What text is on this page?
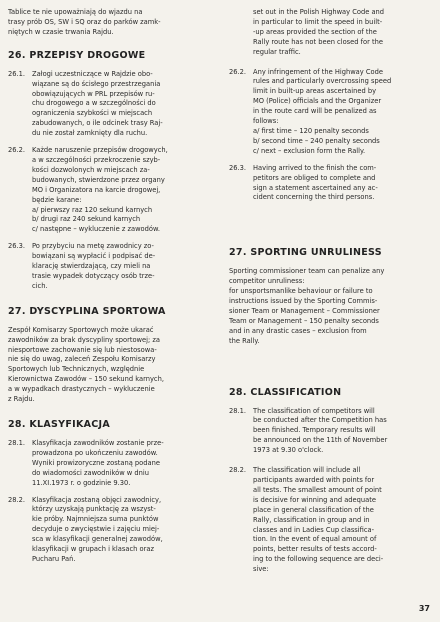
Tablice te nie upoważniają do wjazdu na
trasy prób OS, SW i SQ oraz do parków zamk-
niętych w czasie trwania Rajdu.

26. PRZEPISY DROGOWE
26.1.	Załogi uczestniczące w Rajdzie obo-
wiązane są do ścisłego przestrzegania
obowiązujących w PRL przepisów ru-
chu drogowego a w szczególności do
ograniczenia szybkości w miejscach
zabudowanych, o ile odcinek trasy Raj-
du nie został zamknięty dla ruchu.
26.2.	Każde naruszenie przepisów drogowych,
a w szczególności przekroczenie szyb-
kości dozwolonych w miejscach za-
budowanych, stwierdzone przez organy
MO i Organizatora na karcie drogowej,
będzie karane:
a/ pierwszy raz 120 sekund karnych
b/ drugi raz 240 sekund karnych
c/ następne – wykluczenie z zawodów.
26.3.	Po przybyciu na metę zawodnicy zo-
bowiązani są wypłacić i podpisać de-
klarację stwierdzającą, czy mieli na
trasie wypadek dotyczący osób trze-
cich.
27. DYSCYPLINA SPORTOWA

Zespół Komisarzy Sportowych może ukarać
zawodników za brak dyscypliny sportowej; za
niesportowe zachowanie się lub niestosowa-
nie się do uwag, zaleceń Zespołu Komisarzy
Sportowych lub Technicznych, względnie
Kierownictwa Zawodów – 150 sekund karnych,
a w wypadkach drastycznych – wykluczenie
z Rajdu.

28. KLASYFIKACJA
28.1.	Klasyfikacja zawodników zostanie prze-
prowadzona po ukończeniu zawodów.
Wyniki prowizoryczne zostaną podane
do wiadomości zawodników w dniu
11.XI.1973 r. o godzinie 9.30.
28.2.	Klasyfikacja zostaną objęci zawodnicy,
którzy uzyskają punktację za wszyst-
kie próby. Najmniejsza suma punktów
decyduje o zwycięstwie i zajęciu miej-
sca w klasyfikacji generalnej zawodów,
klasyfikacji w grupach i klasach oraz
Pucharu Pań.

set out in the Polish Highway Code and
in particular to limit the speed in built-
-up areas provided the section of the
Rally route has not been closed for the
regular traffic.

26.2.	Any infringement of the Highway Code
rules and particularly overcrossing speed
limit in built-up areas ascertained by
MO (Police) officials and the Organizer
in the route card will be penalized as
follows:
a/ first time – 120 penalty seconds
b/ second time – 240 penalty seconds
c/ next – exclusion form the Rally.
26.3.	Having arrived to the finish the com-
petitors are obliged to complete and
sign a statement ascertained any ac-
cident concerning the third persons.
27. SPORTING UNRULINESS

Sporting commissioner team can penalize any
competitor unruliness:
for unsportsmanlike behaviour or failure to
instructions issued by the Sporting Commis-
sioner Team or Management – Commissioner
Team or Management – 150 penalty seconds
and in any drastic cases – exclusion from
the Rally.

28. CLASSIFICATION
28.1.	The classification of competitors will
be conducted after the Competition has
been finished. Temporary results will
be announced on the 11th of November
1973 at 9.30 o'clock.
28.2.	The classification will include all
participants awarded with points for
all tests. The smallest amount of point
is decisive for winning and adequate
place in general classification of the
Rally, classification in group and in
classes and in Ladies Cup classifica-
tion. In the event of equal amount of
points, better results of tests accord-
ing to the following sequence are deci-
sive:
37
